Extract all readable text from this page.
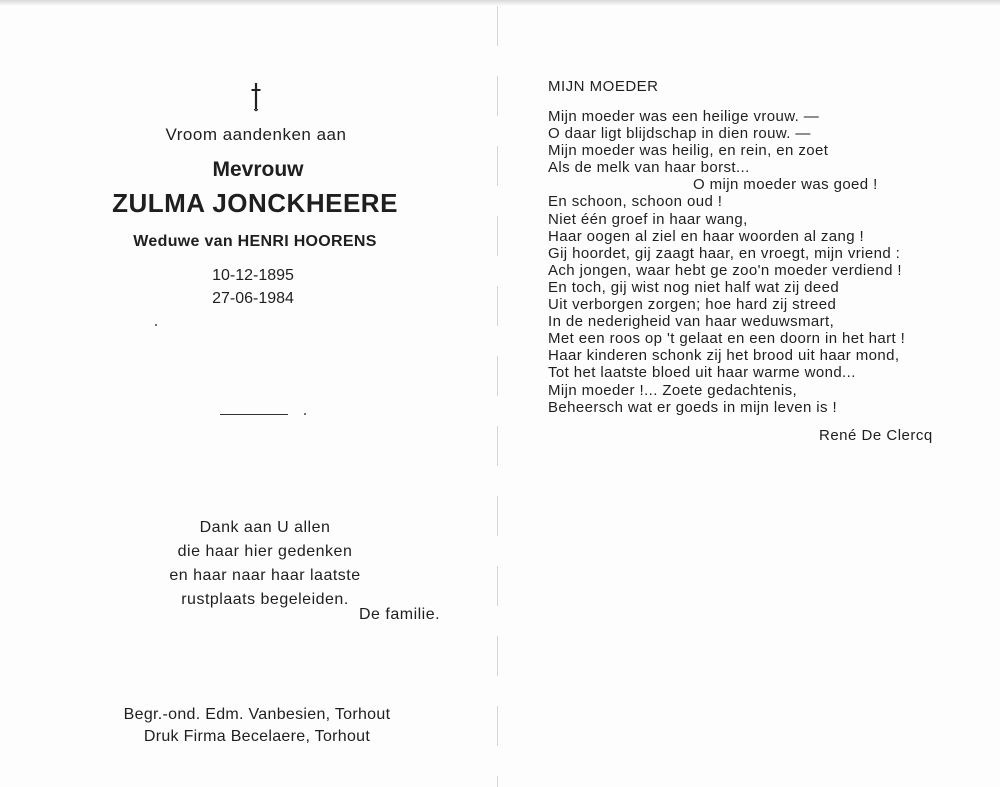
Vroom aandenken aan
Mevrouw
ZULMA JONCKHEERE
Weduwe van HENRI HOORENS
10-12-1895
27-06-1984
Dank aan U allen
die haar hier gedenken
en haar naar haar laatste
rustplaats begeleiden.
De familie.
Begr.-ond. Edm. Vanbesien, Torhout
Druk Firma Becelaere, Torhout
MIJN MOEDER
Mijn moeder was een heilige vrouw. —
O daar ligt blijdschap in dien rouw. —
Mijn moeder was heilig, en rein, en zoet
Als de melk van haar borst...
O mijn moeder was goed !
En schoon, schoon oud !
Niet één groef in haar wang,
Haar oogen al ziel en haar woorden al zang !
Gij hoordet, gij zaagt haar, en vroegt, mijn vriend :
Ach jongen, waar hebt ge zoo'n moeder verdiend !
En toch, gij wist nog niet half wat zij deed
Uit verborgen zorgen; hoe hard zij streed
In de nederigheid van haar weduwsmart,
Met een roos op 't gelaat en een doorn in het hart !
Haar kinderen schonk zij het brood uit haar mond,
Tot het laatste bloed uit haar warme wond...
Mijn moeder !... Zoete gedachtenis,
Beheersch wat er goeds in mijn leven is !
René De Clercq
